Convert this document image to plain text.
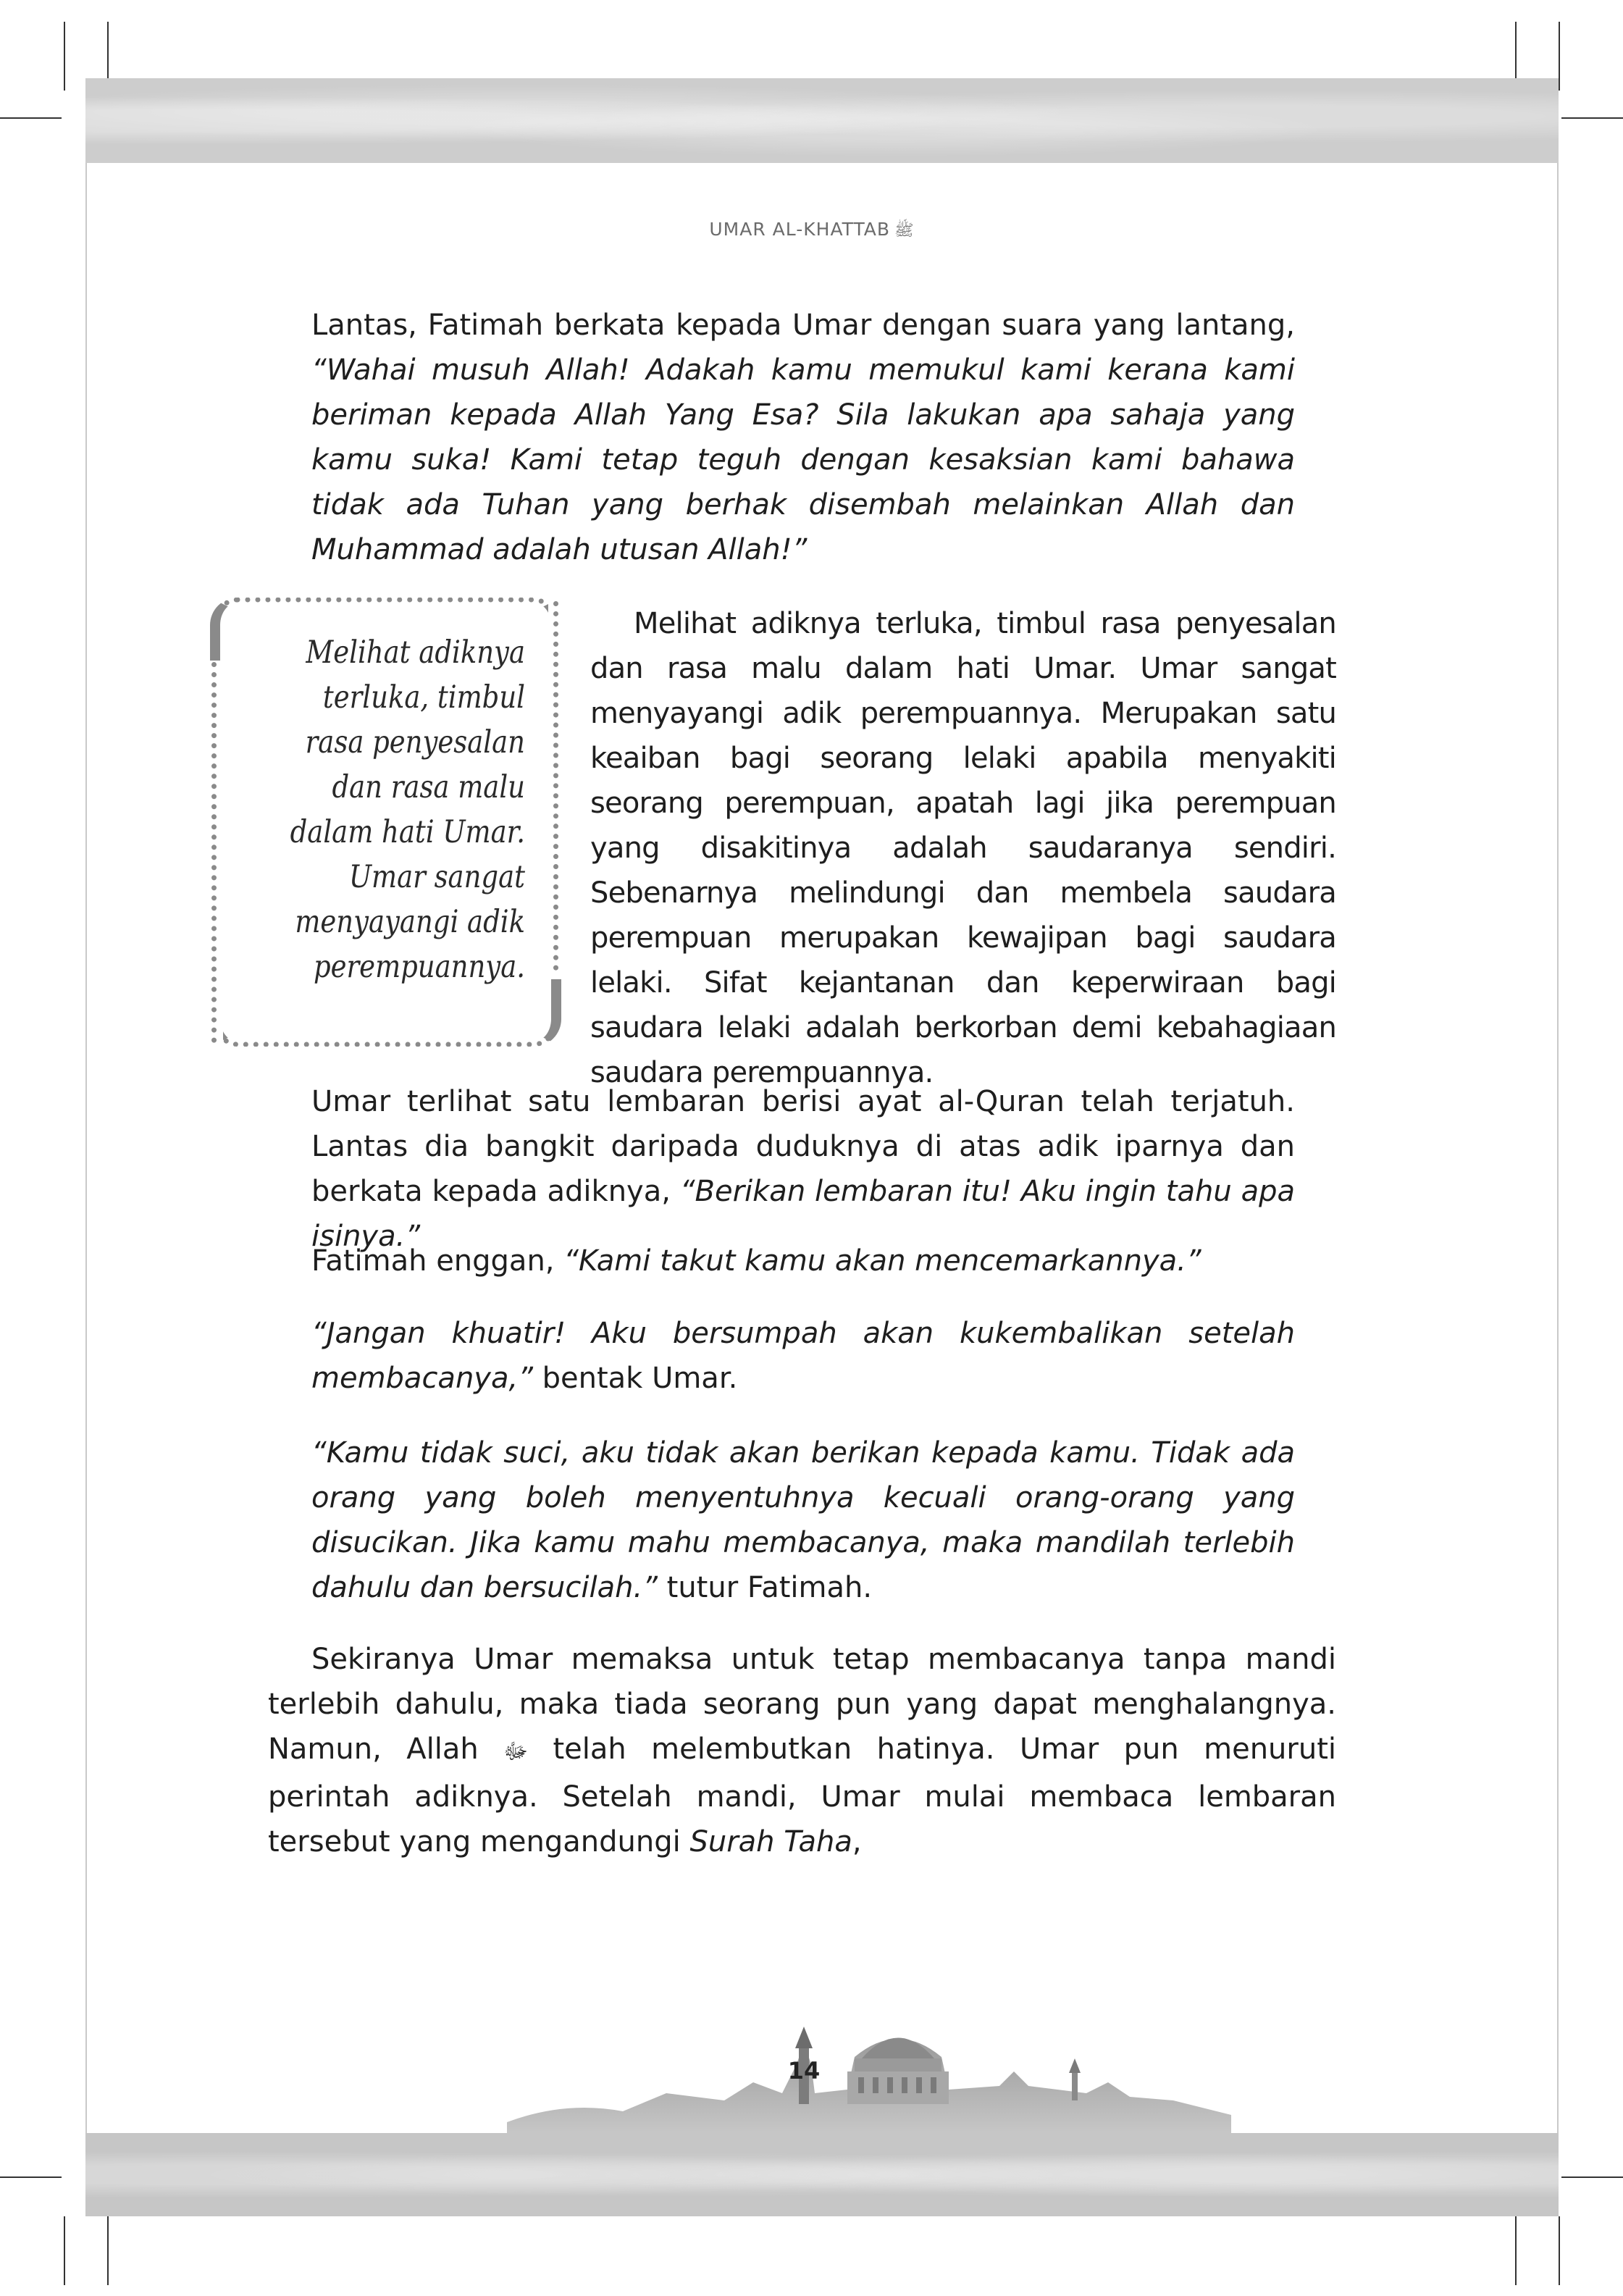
UMAR AL-KHATTAB ﷺ

Lantas, Fatimah berkata kepada Umar dengan suara yang lantang, “Wahai musuh Allah! Adakah kamu memukul kami kerana kami beriman kepada Allah Yang Esa? Sila lakukan apa sahaja yang kamu suka! Kami tetap teguh dengan kesaksian kami bahawa tidak ada Tuhan yang berhak disembah melainkan Allah dan Muhammad adalah utusan Allah!”

Melihat adiknya terluka, timbul rasa penyesalan dan rasa malu dalam hati Umar. Umar sangat menyayangi adik perempuannya.

Melihat adiknya terluka, timbul rasa penyesalan dan rasa malu dalam hati Umar. Umar sangat menyayangi adik perempuannya. Merupakan satu keaiban bagi seorang lelaki apabila menyakiti seorang perempuan, apatah lagi jika perempuan yang disakitinya adalah saudaranya sendiri. Sebenarnya melindungi dan membela saudara perempuan merupakan kewajipan bagi saudara lelaki. Sifat kejantanan dan keperwiraan bagi saudara lelaki adalah berkorban demi kebahagiaan saudara perempuannya.

Umar terlihat satu lembaran berisi ayat al-Quran telah terjatuh. Lantas dia bangkit daripada duduknya di atas adik iparnya dan berkata kepada adiknya, “Berikan lembaran itu! Aku ingin tahu apa isinya.”

Fatimah enggan, “Kami takut kamu akan mencemarkannya.”

“Jangan khuatir! Aku bersumpah akan kukembalikan setelah membacanya,” bentak Umar.

“Kamu tidak suci, aku tidak akan berikan kepada kamu. Tidak ada orang yang boleh menyentuhnya kecuali orang-orang yang disucikan. Jika kamu mahu membacanya, maka mandilah terlebih dahulu dan bersucilah.” tutur Fatimah.

Sekiranya Umar memaksa untuk tetap membacanya tanpa mandi terlebih dahulu, maka tiada seorang pun yang dapat menghalangnya. Namun, Allah ﷻ telah melembutkan hatinya. Umar pun menuruti perintah adiknya. Setelah mandi, Umar mulai membaca lembaran tersebut yang mengandungi Surah Taha,

14
